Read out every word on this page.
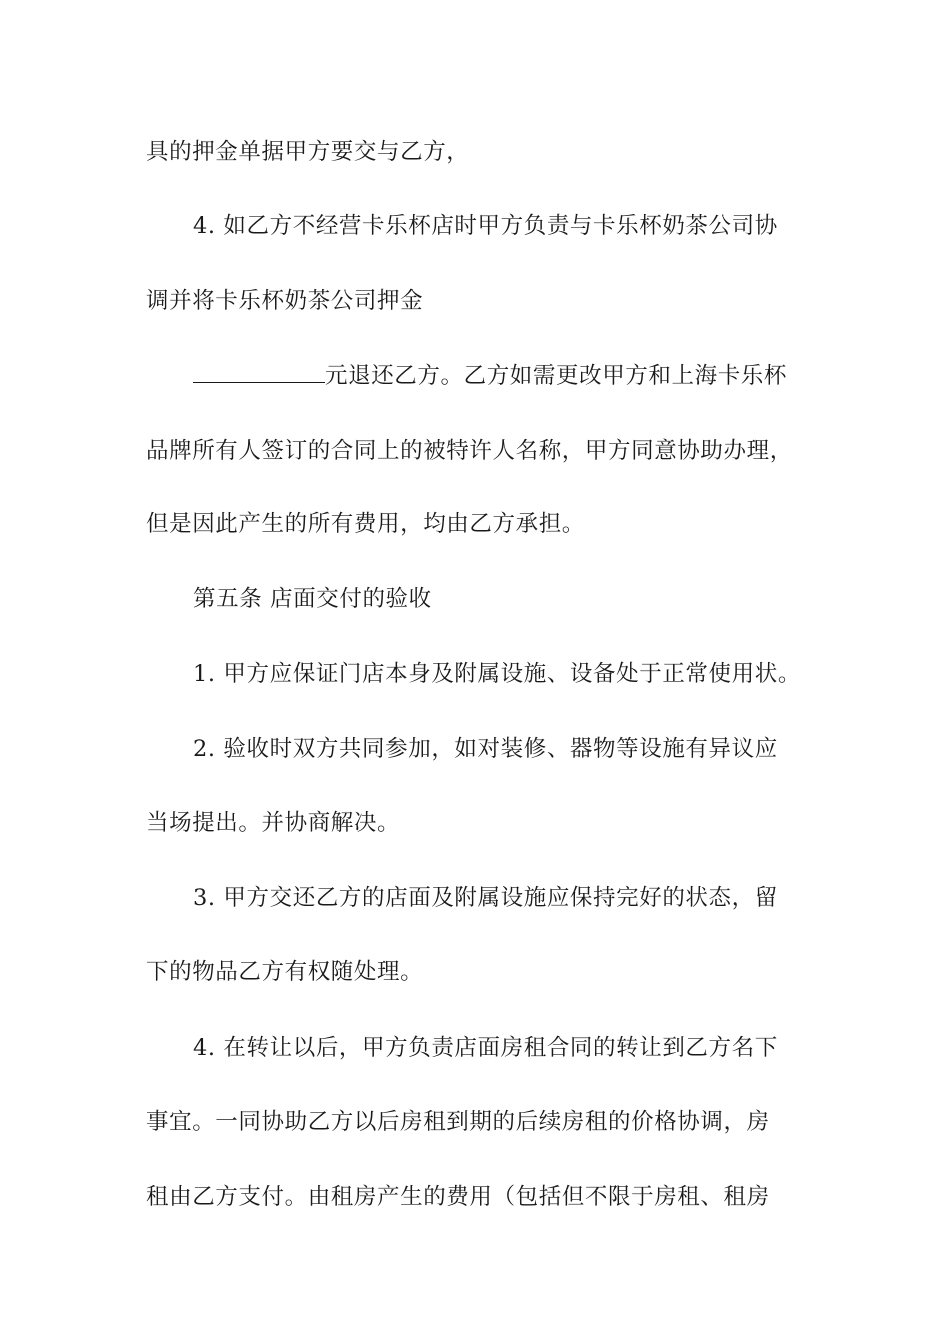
具的押金单据甲方要交与乙方，
4. 如乙方不经营卡乐杯店时甲方负责与卡乐杯奶茶公司协
调并将卡乐杯奶茶公司押金
元退还乙方。乙方如需更改甲方和上海卡乐杯
品牌所有人签订的合同上的被特许人名称，甲方同意协助办理，
但是因此产生的所有费用，均由乙方承担。
第五条 店面交付的验收
1. 甲方应保证门店本身及附属设施、设备处于正常使用状。
2. 验收时双方共同参加，如对装修、器物等设施有异议应
当场提出。并协商解决。
3. 甲方交还乙方的店面及附属设施应保持完好的状态，留
下的物品乙方有权随处理。
4. 在转让以后，甲方负责店面房租合同的转让到乙方名下
事宜。一同协助乙方以后房租到期的后续房租的价格协调，房
租由乙方支付。由租房产生的费用（包括但不限于房租、租房
